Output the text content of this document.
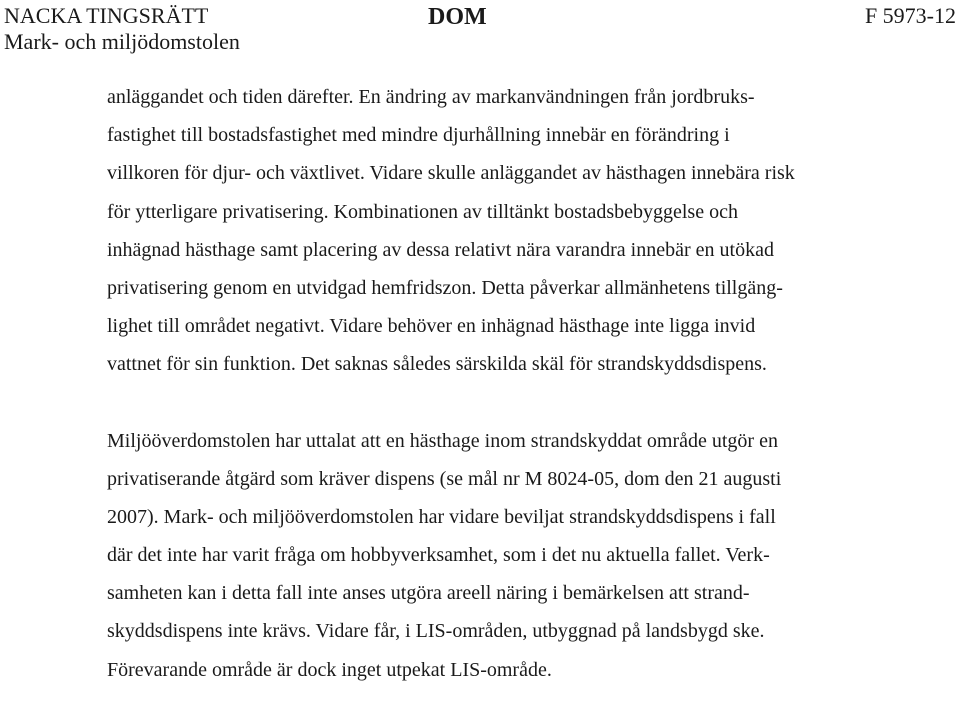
NACKA TINGSRÄTT
Mark- och miljödomstolen
DOM	F 5973-12
anläggandet och tiden därefter. En ändring av markanvändningen från jordbruks-
fastighet till bostadsfastighet med mindre djurhållning innebär en förändring i
villkoren för djur- och växtlivet. Vidare skulle anläggandet av hästhagen innebära risk
för ytterligare privatisering. Kombinationen av tilltänkt bostadsbebyggelse och
inhägnad hästhage samt placering av dessa relativt nära varandra innebär en utökad
privatisering genom en utvidgad hemfridszon. Detta påverkar allmänhetens tillgäng-
lighet till området negativt. Vidare behöver en inhägnad hästhage inte ligga invid
vattnet för sin funktion. Det saknas således särskilda skäl för strandskyddsdispens.
Miljööverdomstolen har uttalat att en hästhage inom strandskyddat område utgör en
privatiserande åtgärd som kräver dispens (se mål nr M 8024-05, dom den 21 augusti
2007). Mark- och miljööverdomstolen har vidare beviljat strandskyddsdispens i fall
där det inte har varit fråga om hobbyverksamhet, som i det nu aktuella fallet. Verk-
samheten kan i detta fall inte anses utgöra areell näring i bemärkelsen att strand-
skyddsdispens inte krävs. Vidare får, i LIS-områden, utbyggnad på landsbygd ske.
Förevarande område är dock inget utpekat LIS-område.
